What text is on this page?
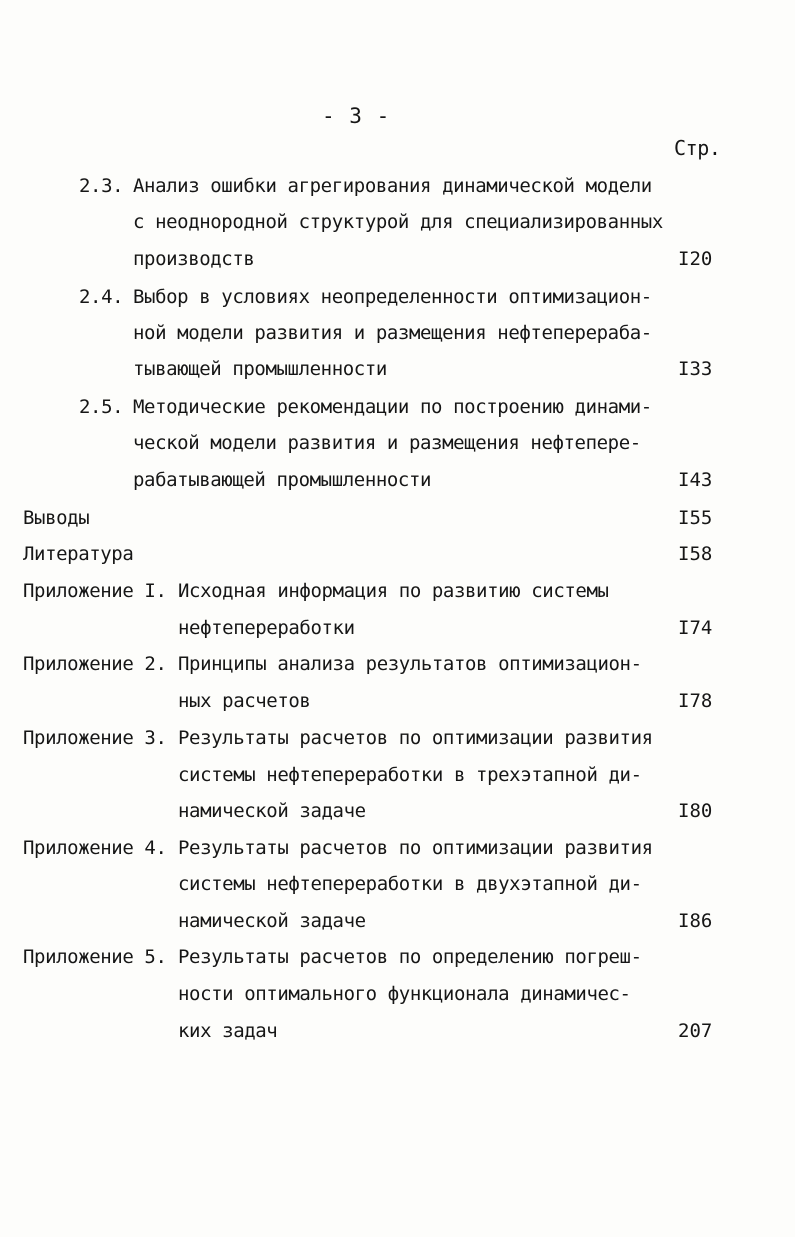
- 3 -
Стр.
2.3. Анализ ошибки агрегирования динамической модели
с неоднородной структурой для специализированных
производств	I20
2.4. Выбор в условиях неопределенности оптимизацион-
ной модели развития и размещения нефтеперераба-
тывающей промышленности	I33
2.5. Методические рекомендации по построению динами-
ческой модели развития и размещения нефтепере-
рабатывающей промышленности	I43
Выводы	I55
Литература	I58
Приложение I. Исходная информация по развитию системы
нефтепереработки	I74
Приложение 2. Принципы анализа результатов оптимизацион-
ных расчетов	I78
Приложение 3. Результаты расчетов по оптимизации развития
системы нефтепереработки в трехэтапной ди-
намической задаче	I80
Приложение 4. Результаты расчетов по оптимизации развития
системы нефтепереработки в двухэтапной ди-
намической задаче	I86
Приложение 5. Результаты расчетов по определению погреш-
ности оптимального функционала динамичес-
ких задач	207
